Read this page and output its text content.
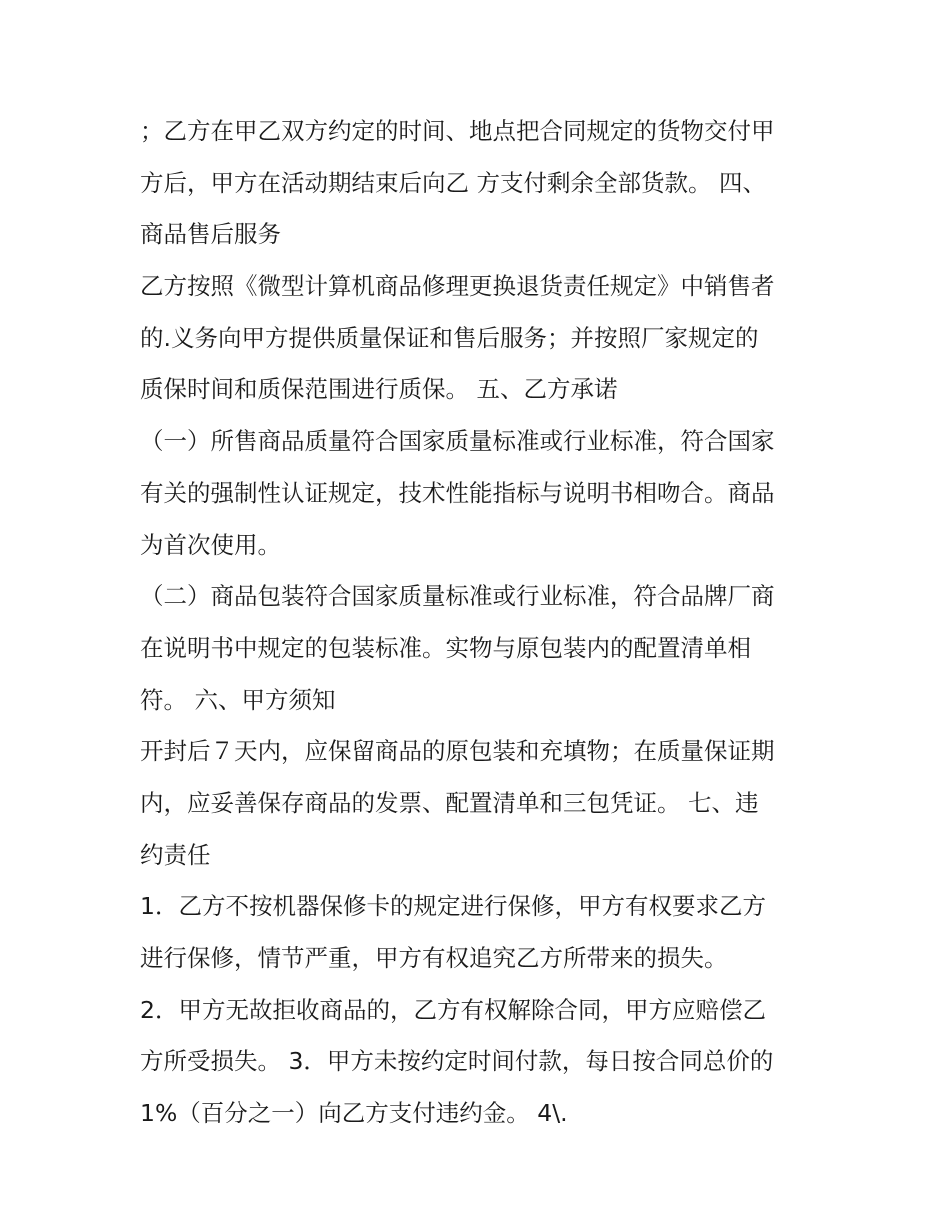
；乙方在甲乙双方约定的时间、地点把合同规定的货物交付甲

方后，甲方在活动期结束后向乙 方支付剩余全部货款。 四、

商品售后服务

乙方按照《微型计算机商品修理更换退货责任规定》中销售者

的.义务向甲方提供质量保证和售后服务；并按照厂家规定的

质保时间和质保范围进行质保。 五、乙方承诺

（一）所售商品质量符合国家质量标准或行业标准，符合国家

有关的强制性认证规定，技术性能指标与说明书相吻合。商品

为首次使用。

（二）商品包装符合国家质量标准或行业标准，符合品牌厂商

在说明书中规定的包装标准。实物与原包装内的配置清单相

符。 六、甲方须知

开封后７天内，应保留商品的原包装和充填物；在质量保证期

内，应妥善保存商品的发票、配置清单和三包凭证。 七、违

约责任

1．乙方不按机器保修卡的规定进行保修，甲方有权要求乙方

进行保修，情节严重，甲方有权追究乙方所带来的损失。

2．甲方无故拒收商品的，乙方有权解除合同，甲方应赔偿乙

方所受损失。 3．甲方未按约定时间付款，每日按合同总价的

1%（百分之一）向乙方支付违约金。 4\.
